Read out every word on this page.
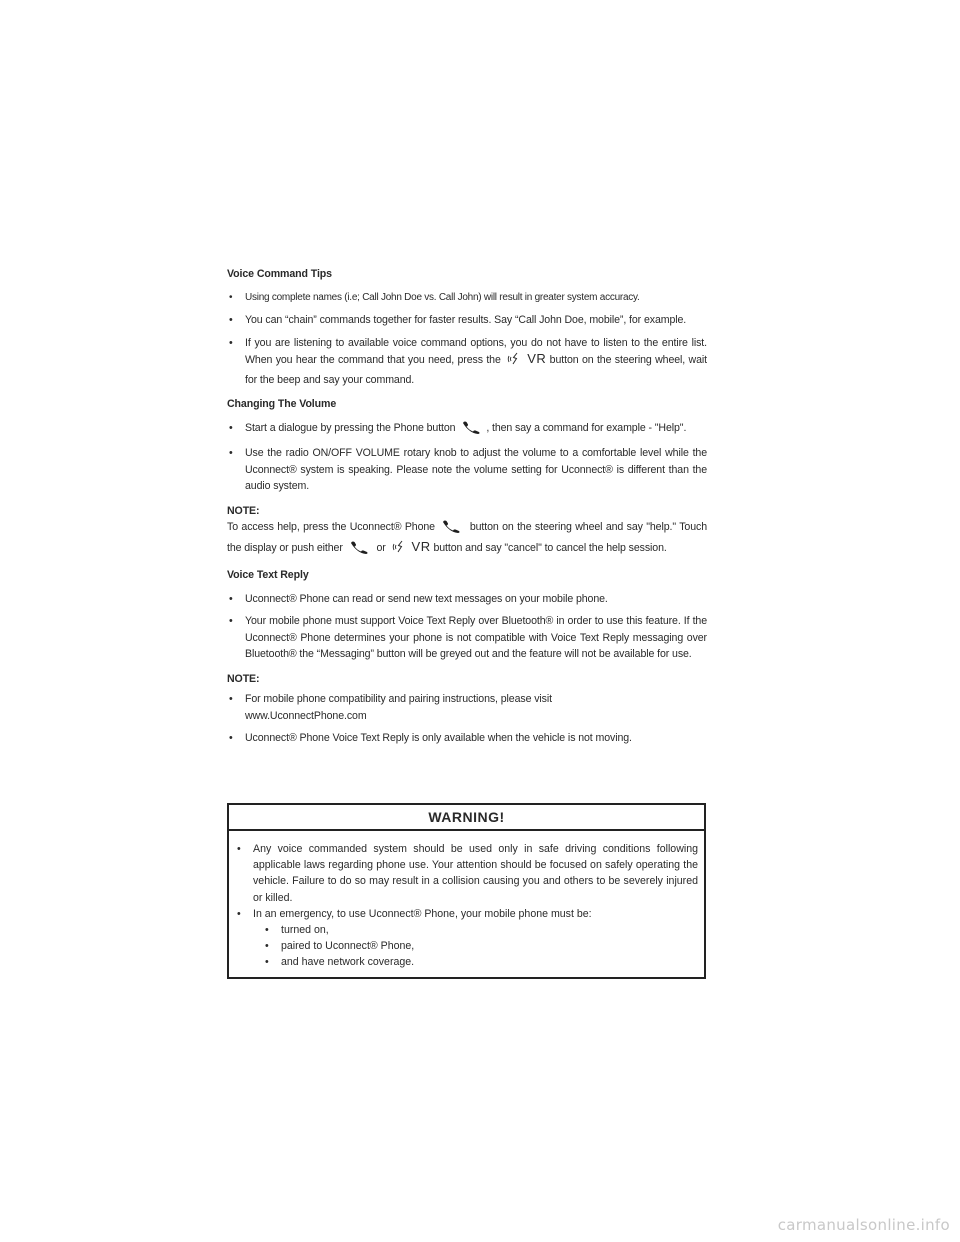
Voice Command Tips

• Using complete names (i.e; Call John Doe vs. Call John) will result in greater system accuracy.

• You can “chain” commands together for faster results. Say “Call John Doe, mobile”, for example.

• If you are listening to available voice command options, you do not have to listen to the entire list. When you hear the command that you need, press the VR button on the steering wheel, wait for the beep and say your command.

Changing The Volume

• Start a dialogue by pressing the Phone button	, then say a command for example - "Help".

• Use the radio ON/OFF VOLUME rotary knob to adjust the volume to a comfortable level while the Uconnect® system is speaking. Please note the volume setting for Uconnect® is different than the audio system.

NOTE:

To access help, press the Uconnect® Phone	button on the steering wheel and say "help." Touch the display or push either	or VR button and say "cancel" to cancel the help session.

Voice Text Reply

• Uconnect® Phone can read or send new text messages on your mobile phone.

• Your mobile phone must support Voice Text Reply over Bluetooth® in order to use this feature. If the Uconnect® Phone determines your phone is not compatible with Voice Text Reply messaging over Bluetooth® the “Messaging” button will be greyed out and the feature will not be available for use.

NOTE:

• For mobile phone compatibility and pairing instructions, please visit
www.UconnectPhone.com

• Uconnect® Phone Voice Text Reply is only available when the vehicle is not moving.

WARNING!

• Any voice commanded system should be used only in safe driving conditions following applicable laws regarding phone use. Your attention should be focused on safely operating the vehicle. Failure to do so may result in a collision causing you and others to be severely injured or killed.

• In an emergency, to use Uconnect® Phone, your mobile phone must be:

• turned on,

• paired to Uconnect® Phone,

• and have network coverage.

carmanualsonline.info
